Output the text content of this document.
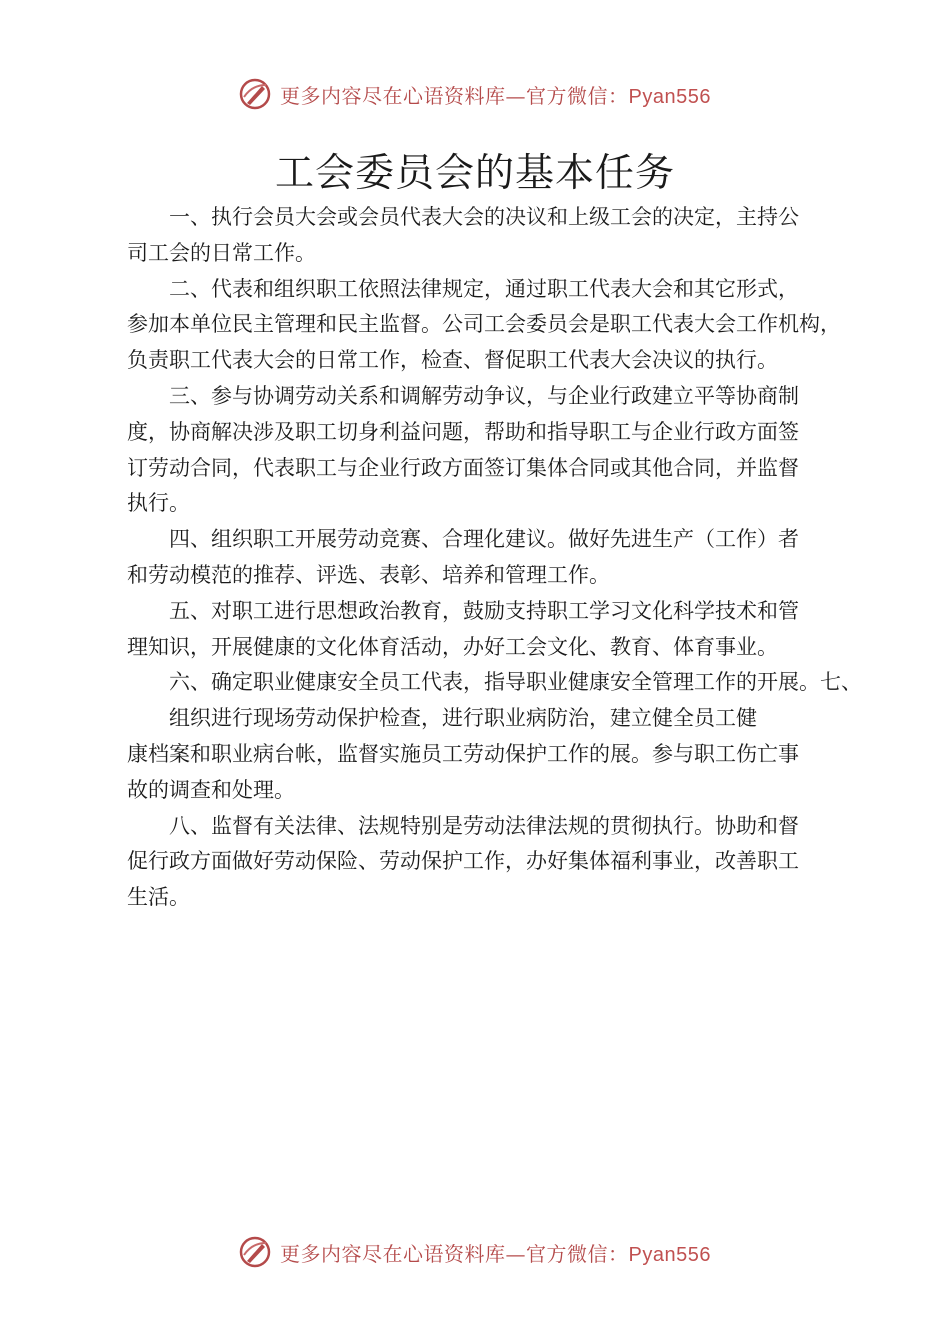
更多内容尽在心语资料库—官方微信：Pyan556
工会委员会的基本任务
一、执行会员大会或会员代表大会的决议和上级工会的决定，主持公
司工会的日常工作。
二、代表和组织职工依照法律规定，通过职工代表大会和其它形式，
参加本单位民主管理和民主监督。公司工会委员会是职工代表大会工作机构，
负责职工代表大会的日常工作，检查、督促职工代表大会决议的执行。
三、参与协调劳动关系和调解劳动争议，与企业行政建立平等协商制
度，协商解决涉及职工切身利益问题，帮助和指导职工与企业行政方面签
订劳动合同，代表职工与企业行政方面签订集体合同或其他合同，并监督
执行。
四、组织职工开展劳动竞赛、合理化建议。做好先进生产（工作）者
和劳动模范的推荐、评选、表彰、培养和管理工作。
五、对职工进行思想政治教育，鼓励支持职工学习文化科学技术和管
理知识，开展健康的文化体育活动，办好工会文化、教育、体育事业。
六、确定职业健康安全员工代表，指导职业健康安全管理工作的开展。七、
组织进行现场劳动保护检查，进行职业病防治，建立健全员工健
康档案和职业病台帐，监督实施员工劳动保护工作的展。参与职工伤亡事
故的调查和处理。
八、监督有关法律、法规特别是劳动法律法规的贯彻执行。协助和督
促行政方面做好劳动保险、劳动保护工作，办好集体福利事业，改善职工
生活。
更多内容尽在心语资料库—官方微信：Pyan556
